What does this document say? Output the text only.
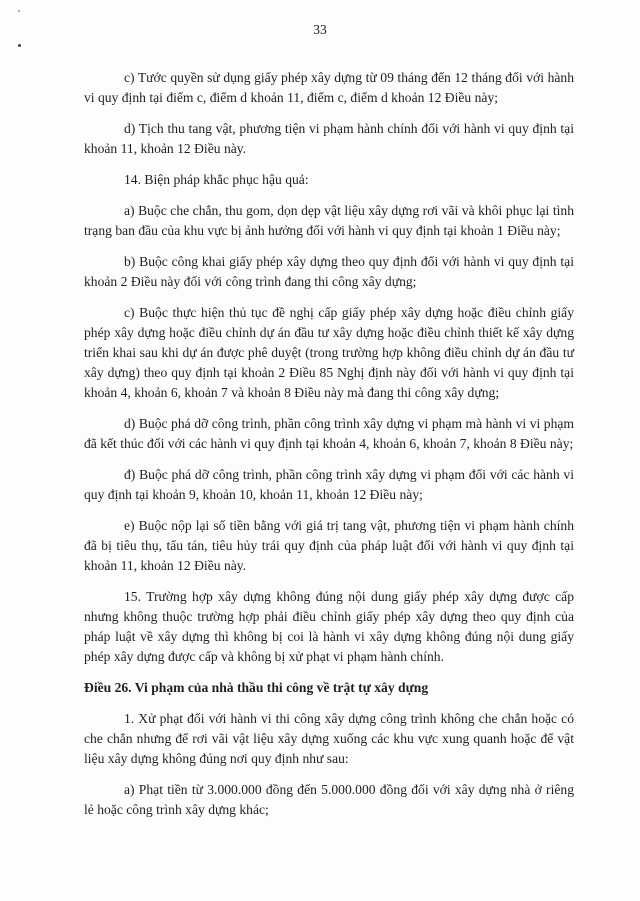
33

c) Tước quyền sử dụng giấy phép xây dựng từ 09 tháng đến 12 tháng đối với hành vi quy định tại điểm c, điểm d khoản 11, điểm c, điểm d khoản 12 Điều này;

d) Tịch thu tang vật, phương tiện vi phạm hành chính đối với hành vi quy định tại khoản 11, khoản 12 Điều này.

14. Biện pháp khắc phục hậu quả:

a) Buộc che chắn, thu gom, dọn dẹp vật liệu xây dựng rơi vãi và khôi phục lại tình trạng ban đầu của khu vực bị ảnh hưởng đối với hành vi quy định tại khoản 1 Điều này;

b) Buộc công khai giấy phép xây dựng theo quy định đối với hành vi quy định tại khoản 2 Điều này đối với công trình đang thi công xây dựng;

c) Buộc thực hiện thủ tục đề nghị cấp giấy phép xây dựng hoặc điều chỉnh giấy phép xây dựng hoặc điều chỉnh dự án đầu tư xây dựng hoặc điều chỉnh thiết kế xây dựng triển khai sau khi dự án được phê duyệt (trong trường hợp không điều chỉnh dự án đầu tư xây dựng) theo quy định tại khoản 2 Điều 85 Nghị định này đối với hành vi quy định tại khoản 4, khoản 6, khoản 7 và khoản 8 Điều này mà đang thi công xây dựng;

d) Buộc phá dỡ công trình, phần công trình xây dựng vi phạm mà hành vi vi phạm đã kết thúc đối với các hành vi quy định tại khoản 4, khoản 6, khoản 7, khoản 8 Điều này;

đ) Buộc phá dỡ công trình, phần công trình xây dựng vi phạm đối với các hành vi quy định tại khoản 9, khoản 10, khoản 11, khoản 12 Điều này;

e) Buộc nộp lại số tiền bằng với giá trị tang vật, phương tiện vi phạm hành chính đã bị tiêu thụ, tẩu tán, tiêu hủy trái quy định của pháp luật đối với hành vi quy định tại khoản 11, khoản 12 Điều này.

15. Trường hợp xây dựng không đúng nội dung giấy phép xây dựng được cấp nhưng không thuộc trường hợp phải điều chỉnh giấy phép xây dựng theo quy định của pháp luật về xây dựng thì không bị coi là hành vi xây dựng không đúng nội dung giấy phép xây dựng được cấp và không bị xử phạt vi phạm hành chính.

Điều 26. Vi phạm của nhà thầu thi công về trật tự xây dựng

1. Xử phạt đối với hành vi thi công xây dựng công trình không che chắn hoặc có che chắn nhưng để rơi vãi vật liệu xây dựng xuống các khu vực xung quanh hoặc để vật liệu xây dựng không đúng nơi quy định như sau:

a) Phạt tiền từ 3.000.000 đồng đến 5.000.000 đồng đối với xây dựng nhà ở riêng lẻ hoặc công trình xây dựng khác;
